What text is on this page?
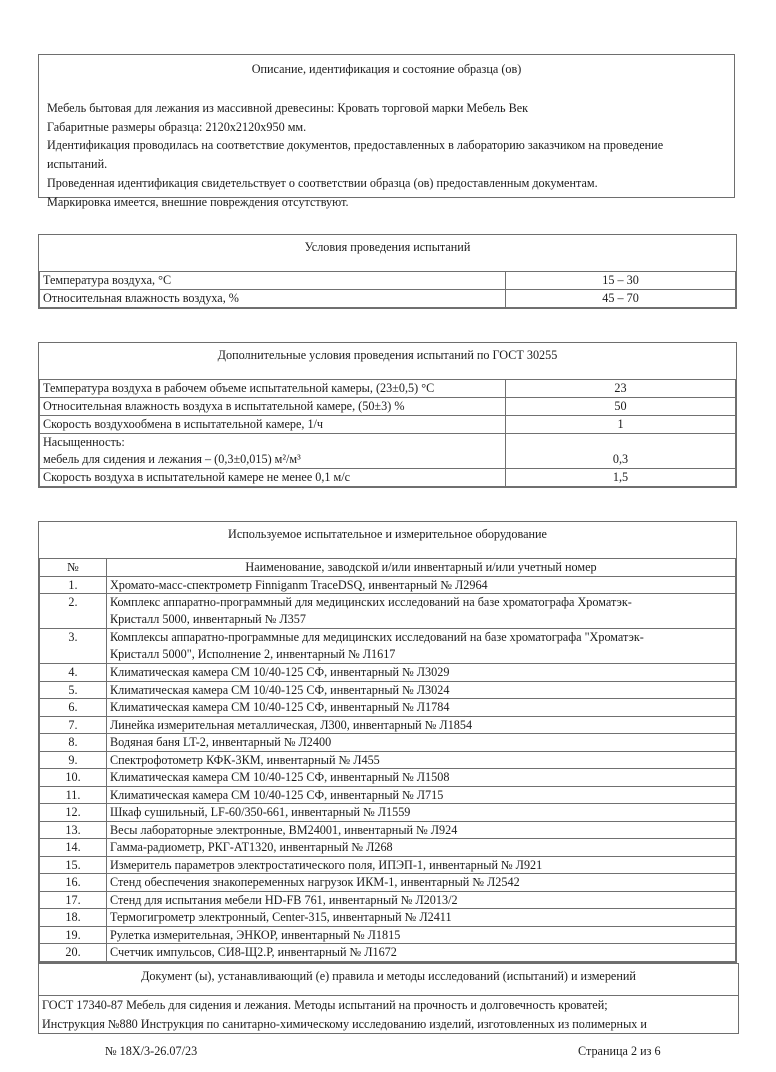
Описание, идентификация и состояние образца (ов)
Мебель бытовая для лежания из массивной древесины: Кровать торговой марки Мебель Век
Габаритные размеры образца: 2120х2120х950 мм.
Идентификация проводилась на соответствие документов, предоставленных в лабораторию заказчиком на проведение
испытаний.
Проведенная идентификация свидетельствует о соответствии образца (ов) предоставленным документам.
Маркировка имеется, внешние повреждения отсутствуют.
Условия проведения испытаний	
Температура воздуха, °С	15 – 30
Относительная влажность воздуха, %	45 – 70
Дополнительные условия проведения испытаний по ГОСТ 30255	
Температура воздуха в рабочем объеме испытательной камеры, (23±0,5) °С	23
Относительная влажность воздуха в испытательной камере, (50±3) %	50
Скорость воздухообмена в испытательной камере, 1/ч	1

Насыщенность:
мебель для сидения и лежания – (0,3±0,015) м²/м³	0,3
Скорость воздуха в испытательной камере не менее 0,1 м/с	1,5
Используемое испытательное и измерительное оборудование	
№	Наименование, заводской и/или инвентарный и/или учетный номер
1.	Хромато-масс-спектрометр Finniganm TraceDSQ, инвентарный № Л2964
2.	Комплекс аппаратно-программный для медицинских исследований на базе хроматографа Хроматэк-
Кристалл 5000, инвентарный № Л357

3.	Комплексы аппаратно-программные для медицинских исследований на базе хроматографа "Хроматэк-
Кристалл 5000", Исполнение 2, инвентарный № Л1617

4.	Климатическая камера СМ 10/40-125 СФ, инвентарный № Л3029
5.	Климатическая камера СМ 10/40-125 СФ, инвентарный № Л3024
6.	Климатическая камера СМ 10/40-125 СФ, инвентарный № Л1784
7.	Линейка измерительная металлическая, Л300, инвентарный № Л1854
8.	Водяная баня LT-2, инвентарный № Л2400
9.	Спектрофотометр КФК-3КМ, инвентарный № Л455
10.	Климатическая камера СМ 10/40-125 СФ, инвентарный № Л1508
11.	Климатическая камера СМ 10/40-125 СФ, инвентарный № Л715
12.	Шкаф сушильный, LF-60/350-661, инвентарный № Л1559
13.	Весы лабораторные электронные, ВМ24001, инвентарный № Л924
14.	Гамма-радиометр, РКГ-АТ1320, инвентарный № Л268
15.	Измеритель параметров электростатического поля, ИПЭП-1, инвентарный № Л921
16.	Стенд обеспечения знакопеременных нагрузок ИКМ-1, инвентарный № Л2542
17.	Стенд для испытания мебели HD-FB 761, инвентарный № Л2013/2
18.	Термогигрометр электронный, Center-315, инвентарный № Л2411
19.	Рулетка измерительная, ЭНКОР, инвентарный № Л1815
20.	Счетчик импульсов, СИ8-Щ2.Р, инвентарный № Л1672
Документ (ы), устанавливающий (е) правила и методы исследований (испытаний) и измерений
ГОСТ 17340-87 Мебель для сидения и лежания. Методы испытаний на прочность и долговечность кроватей;
Инструкция №880 Инструкция по санитарно-химическому исследованию изделий, изготовленных из полимерных и
№ 18Х/3-26.07/23	Страница 2 из 6
